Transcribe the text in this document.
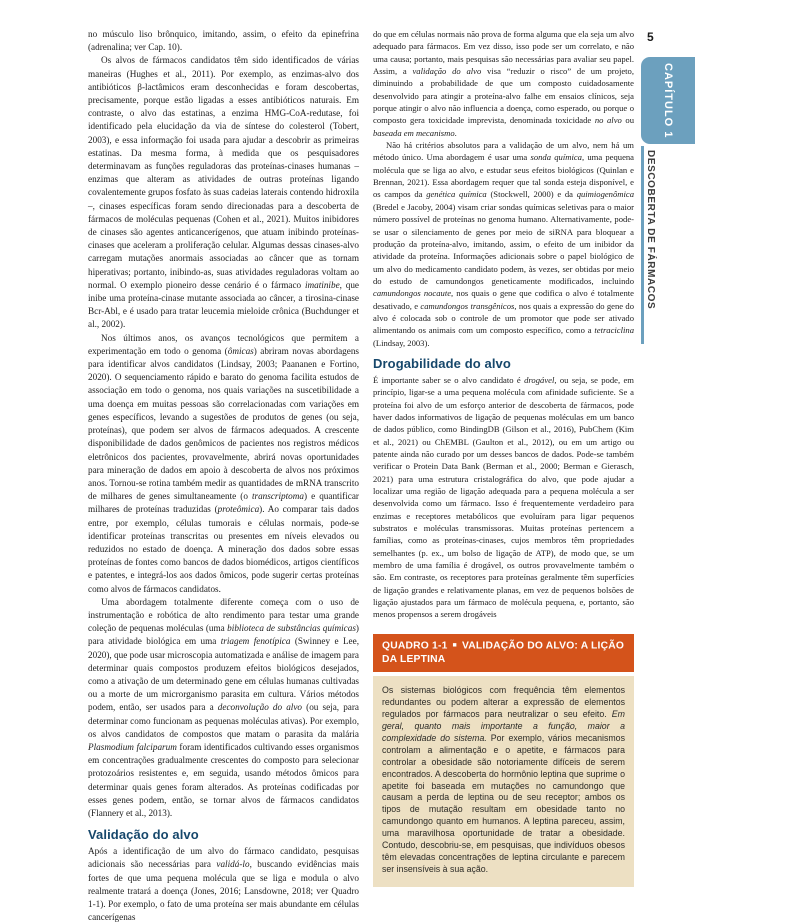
no músculo liso brônquico, imitando, assim, o efeito da epinefrina (adrenalina; ver Cap. 10).

Os alvos de fármacos candidatos têm sido identificados de várias maneiras (Hughes et al., 2011). Por exemplo, as enzimas-alvo dos antibióticos β-lactâmicos eram desconhecidas e foram descobertas, precisamente, porque estão ligadas a esses antibióticos naturais. Em contraste, o alvo das estatinas, a enzima HMG-CoA-redutase, foi identificado pela elucidação da via de síntese do colesterol (Tobert, 2003), e essa informação foi usada para ajudar a descobrir as primeiras estatinas. Da mesma forma, à medida que os pesquisadores determinavam as funções reguladoras das proteínas-cinases humanas – enzimas que alteram as atividades de outras proteínas ligando covalentemente grupos fosfato às suas cadeias laterais contendo hidroxila –, cinases específicas foram sendo direcionadas para a descoberta de fármacos de moléculas pequenas (Cohen et al., 2021). Muitos inibidores de cinases são agentes anticancerígenos, que atuam inibindo proteínas-cinases que aceleram a proliferação celular. Algumas dessas cinases-alvo carregam mutações anormais associadas ao câncer que as tornam hiperativas; portanto, inibindo-as, suas atividades reguladoras voltam ao normal. O exemplo pioneiro desse cenário é o fármaco imatinibe, que inibe uma proteína-cinase mutante associada ao câncer, a tirosina-cinase Bcr-Abl, e é usado para tratar leucemia mieloide crônica (Buchdunger et al., 2002).

Nos últimos anos, os avanços tecnológicos que permitem a experimentação em todo o genoma (ômicas) abriram novas abordagens para identificar alvos candidatos (Lindsay, 2003; Paananen e Fortino, 2020). O sequenciamento rápido e barato do genoma facilita estudos de associação em todo o genoma, nos quais variações na suscetibilidade a uma doença em muitas pessoas são correlacionadas com variações em genes específicos, levando a sugestões de produtos de genes (ou seja, proteínas), que podem ser alvos de fármacos adequados. A crescente disponibilidade de dados genômicos de pacientes nos registros médicos eletrônicos dos pacientes, provavelmente, abrirá novas oportunidades para mineração de dados em apoio à descoberta de alvos nos próximos anos. Tornou-se rotina também medir as quantidades de mRNA transcrito de milhares de genes simultaneamente (o transcriptoma) e quantificar milhares de proteínas traduzidas (proteômica). Ao comparar tais dados entre, por exemplo, células tumorais e células normais, pode-se identificar proteínas transcritas ou presentes em níveis elevados ou reduzidos no estado de doença. A mineração dos dados sobre essas proteínas de fontes como bancos de dados biomédicos, artigos científicos e patentes, e integrá-los aos dados ômicos, pode sugerir certas proteínas como alvos de fármacos candidatos.

Uma abordagem totalmente diferente começa com o uso de instrumentação e robótica de alto rendimento para testar uma grande coleção de pequenas moléculas (uma biblioteca de substâncias químicas) para atividade biológica em uma triagem fenotípica (Swinney e Lee, 2020), que pode usar microscopia automatizada e análise de imagem para determinar quais compostos produzem efeitos biológicos desejados, como a ativação de um determinado gene em células humanas cultivadas ou a morte de um microrganismo parasita em cultura. Vários métodos podem, então, ser usados para a deconvolução do alvo (ou seja, para determinar como funcionam as pequenas moléculas ativas). Por exemplo, os alvos candidatos de compostos que matam o parasita da malária Plasmodium falciparum foram identificados cultivando esses organismos em concentrações gradualmente crescentes do composto para selecionar protozoários resistentes e, em seguida, usando métodos ômicos para determinar quais genes foram alterados. As proteínas codificadas por esses genes podem, então, se tornar alvos de fármacos candidatos (Flannery et al., 2013).

Validação do alvo

Após a identificação de um alvo do fármaco candidato, pesquisas adicionais são necessárias para validá-lo, buscando evidências mais fortes de que uma pequena molécula que se liga e modula o alvo realmente tratará a doença (Jones, 2016; Lansdowne, 2018; ver Quadro 1-1). Por exemplo, o fato de uma proteína ser mais abundante em células cancerígenas

do que em células normais não prova de forma alguma que ela seja um alvo adequado para fármacos. Em vez disso, isso pode ser um correlato, e não uma causa; portanto, mais pesquisas são necessárias para avaliar seu papel. Assim, a validação do alvo visa “reduzir o risco” de um projeto, diminuindo a probabilidade de que um composto cuidadosamente desenvolvido para atingir a proteína-alvo falhe em ensaios clínicos, seja porque atingir o alvo não influencia a doença, como esperado, ou porque o composto gera toxicidade imprevista, denominada toxicidade no alvo ou baseada em mecanismo.

Não há critérios absolutos para a validação de um alvo, nem há um método único. Uma abordagem é usar uma sonda química, uma pequena molécula que se liga ao alvo, e estudar seus efeitos biológicos (Quinlan e Brennan, 2021). Essa abordagem requer que tal sonda esteja disponível, e os campos da genética química (Stockwell, 2000) e da quimiogenômica (Bredel e Jacoby, 2004) visam criar sondas químicas seletivas para o maior número possível de proteínas no genoma humano. Alternativamente, pode-se usar o silenciamento de genes por meio de siRNA para bloquear a produção da proteína-alvo, imitando, assim, o efeito de um inibidor da atividade da proteína. Informações adicionais sobre o papel biológico de um alvo do medicamento candidato podem, às vezes, ser obtidas por meio do estudo de camundongos geneticamente modificados, incluindo camundongos nocaute, nos quais o gene que codifica o alvo é totalmente desativado, e camundongos transgênicos, nos quais a expressão do gene do alvo é colocada sob o controle de um promotor que pode ser ativado alimentando os animais com um composto específico, como a tetraciclina (Lindsay, 2003).

Drogabilidade do alvo

É importante saber se o alvo candidato é drogável, ou seja, se pode, em princípio, ligar-se a uma pequena molécula com afinidade suficiente. Se a proteína foi alvo de um esforço anterior de descoberta de fármacos, pode haver dados informativos de ligação de pequenas moléculas em um banco de dados público, como BindingDB (Gilson et al., 2016), PubChem (Kim et al., 2021) ou ChEMBL (Gaulton et al., 2012), ou em um artigo ou patente ainda não curado por um desses bancos de dados. Pode-se também verificar o Protein Data Bank (Berman et al., 2000; Berman e Gierasch, 2021) para uma estrutura cristalográfica do alvo, que pode ajudar a localizar uma região de ligação adequada para a pequena molécula a ser desenvolvida como um fármaco. Isso é frequentemente verdadeiro para enzimas e receptores metabólicos que evoluíram para ligar pequenos substratos e moléculas transmissoras. Muitas proteínas pertencem a famílias, como as proteínas-cinases, cujos membros têm propriedades semelhantes (p. ex., um bolso de ligação de ATP), de modo que, se um membro de uma família é drogável, os outros provavelmente também o são. Em contraste, os receptores para proteínas geralmente têm superfícies de ligação grandes e relativamente planas, em vez de pequenos bolsões de ligação ajustados para um fármaco de molécula pequena, e, portanto, são menos propensos a serem drogáveis

QUADRO 1-1 ■ VALIDAÇÃO DO ALVO: A LIÇÃO DA LEPTINA

Os sistemas biológicos com frequência têm elementos redundantes ou podem alterar a expressão de elementos regulados por fármacos para neutralizar o seu efeito. Em geral, quanto mais importante a função, maior a complexidade do sistema. Por exemplo, vários mecanismos controlam a alimentação e o apetite, e fármacos para controlar a obesidade são notoriamente difíceis de serem encontrados. A descoberta do hormônio leptina que suprime o apetite foi baseada em mutações no camundongo que causam a perda de leptina ou de seu receptor; ambos os tipos de mutação resultam em obesidade tanto no camundongo quanto em humanos. A leptina pareceu, assim, uma maravilhosa oportunidade de tratar a obesidade. Contudo, descobriu-se, em pesquisas, que indivíduos obesos têm elevadas concentrações de leptina circulante e parecem ser insensíveis à sua ação.

5
CAPÍTULO 1
DESCOBERTA DE FÁRMACOS
